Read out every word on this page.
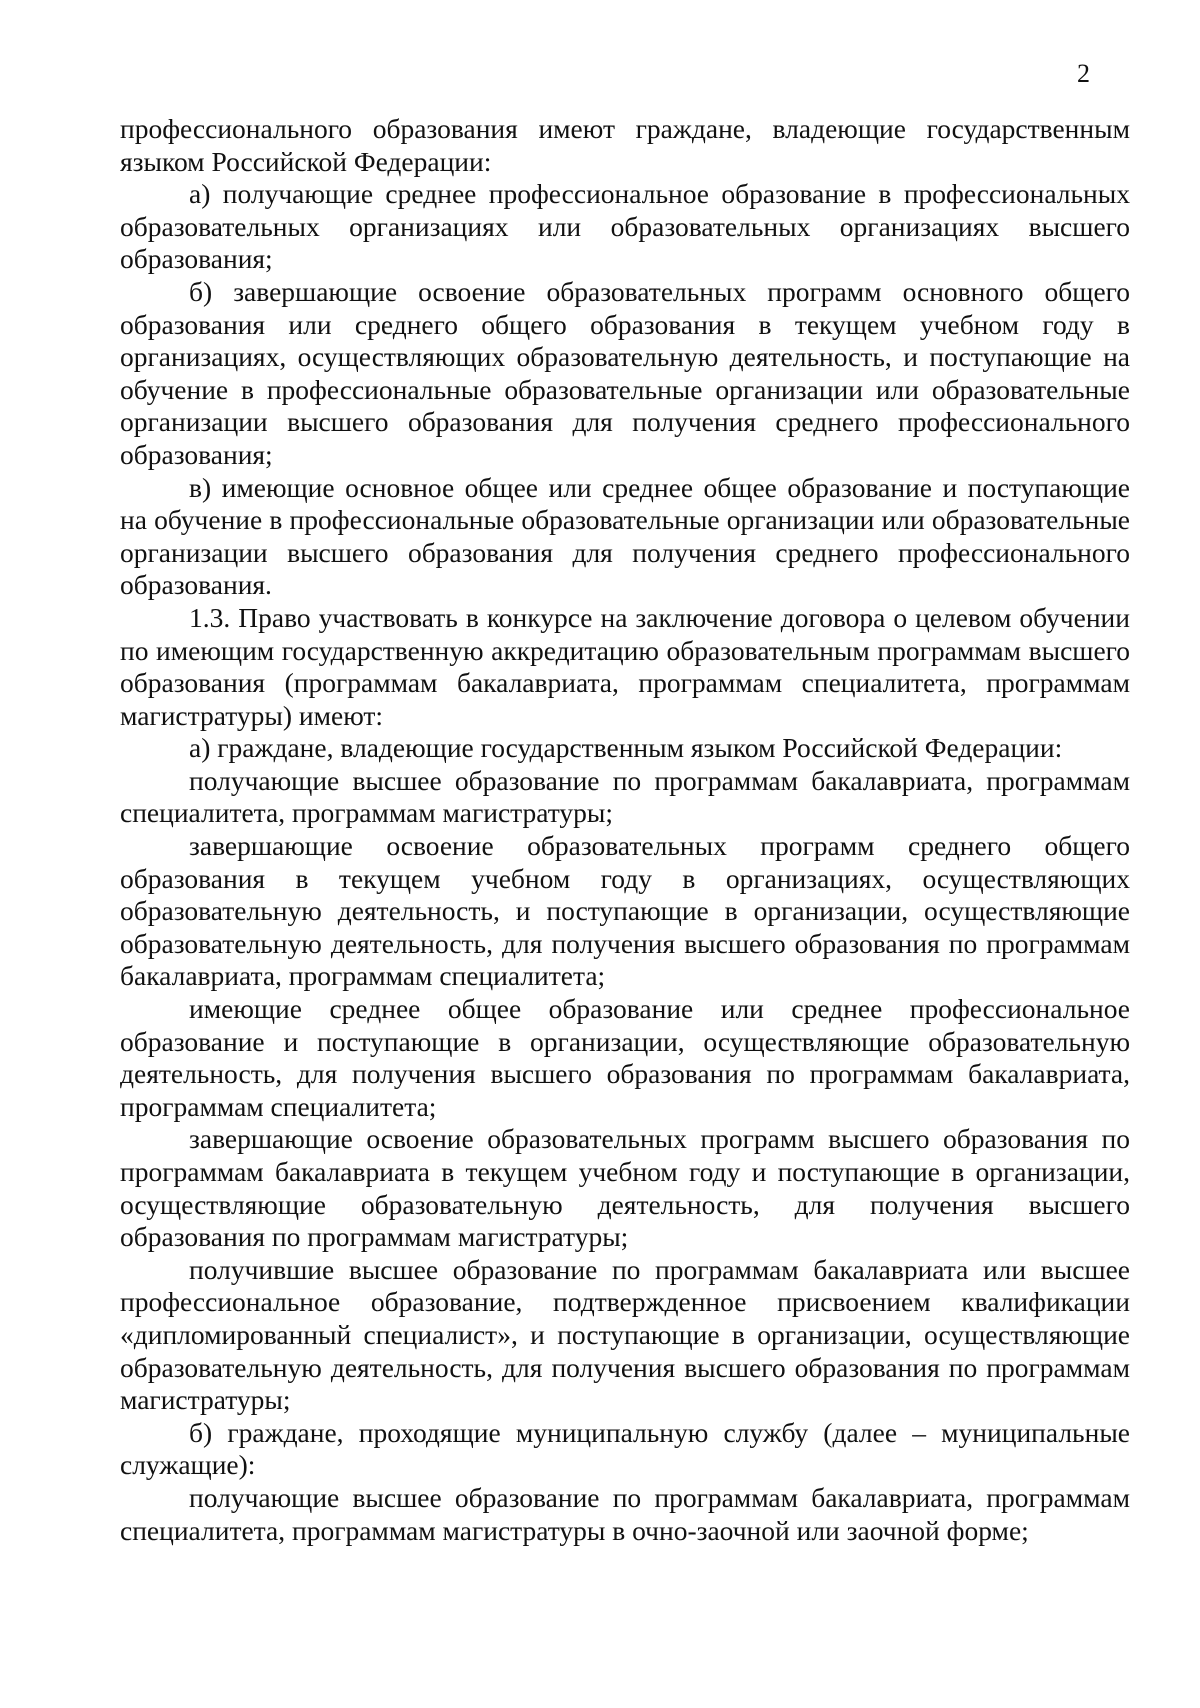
2

профессионального образования имеют граждане, владеющие государственным языком Российской Федерации:

а) получающие среднее профессиональное образование в профессиональных образовательных организациях или образовательных организациях высшего образования;

б) завершающие освоение образовательных программ основного общего образования или среднего общего образования в текущем учебном году в организациях, осуществляющих образовательную деятельность, и поступающие на обучение в профессиональные образовательные организации или образовательные организации высшего образования для получения среднего профессионального образования;

в) имеющие основное общее или среднее общее образование и поступающие на обучение в профессиональные образовательные организации или образовательные организации высшего образования для получения среднего профессионального образования.

1.3. Право участвовать в конкурсе на заключение договора о целевом обучении по имеющим государственную аккредитацию образовательным программам высшего образования (программам бакалавриата, программам специалитета, программам магистратуры) имеют:

а) граждане, владеющие государственным языком Российской Федерации:

получающие высшее образование по программам бакалавриата, программам специалитета, программам магистратуры;

завершающие освоение образовательных программ среднего общего образования в текущем учебном году в организациях, осуществляющих образовательную деятельность, и поступающие в организации, осуществляющие образовательную деятельность, для получения высшего образования по программам бакалавриата, программам специалитета;

имеющие среднее общее образование или среднее профессиональное образование и поступающие в организации, осуществляющие образовательную деятельность, для получения высшего образования по программам бакалавриата, программам специалитета;

завершающие освоение образовательных программ высшего образования по программам бакалавриата в текущем учебном году и поступающие в организации, осуществляющие образовательную деятельность, для получения высшего образования по программам магистратуры;

получившие высшее образование по программам бакалавриата или высшее профессиональное образование, подтвержденное присвоением квалификации «дипломированный специалист», и поступающие в организации, осуществляющие образовательную деятельность, для получения высшего образования по программам магистратуры;

б) граждане, проходящие муниципальную службу (далее – муниципальные служащие):

получающие высшее образование по программам бакалавриата, программам специалитета, программам магистратуры в очно-заочной или заочной форме;
